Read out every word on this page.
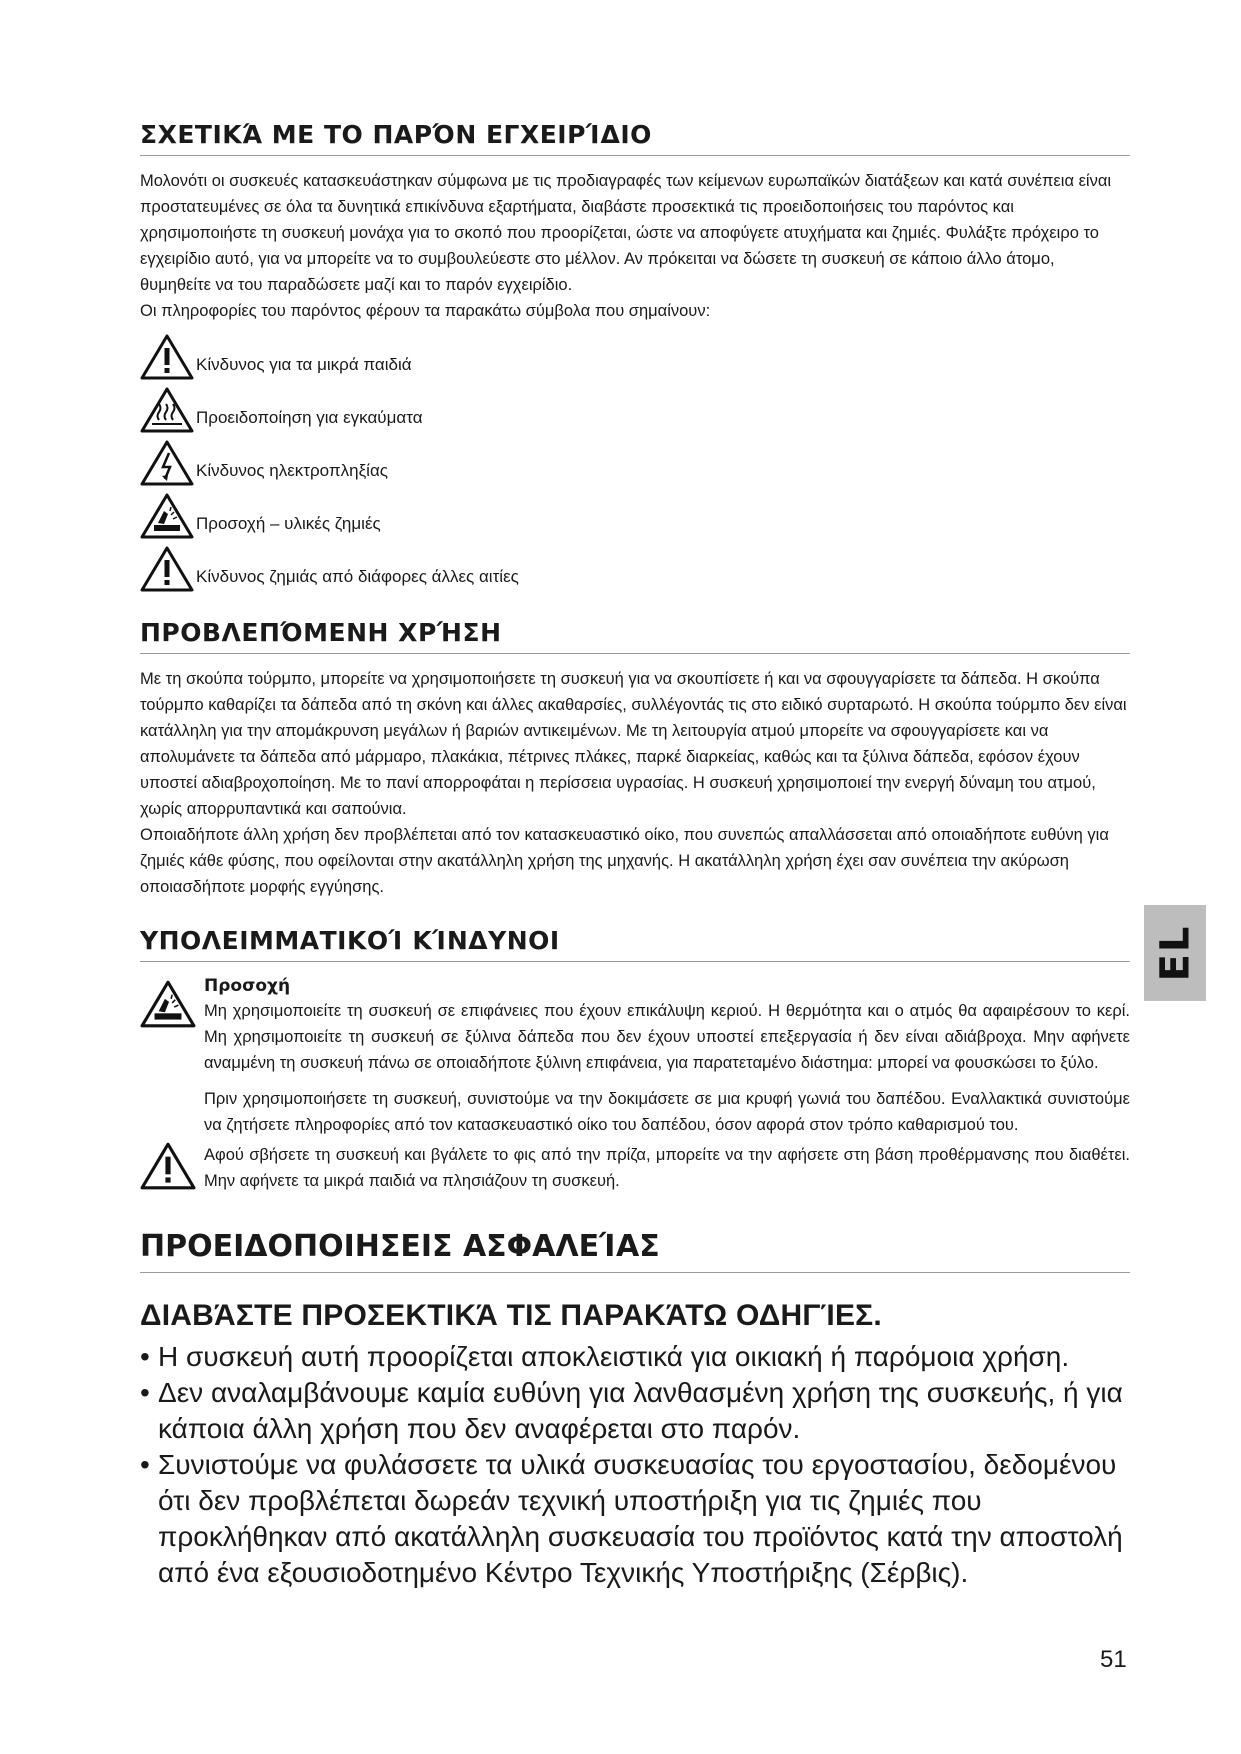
ΣΧΕΤΙΚΆ ΜΕ ΤΟ ΠΑΡΌΝ ΕΓΧΕΙΡΊΔΙΟ

Μολονότι οι συσκευές κατασκευάστηκαν σύμφωνα με τις προδιαγραφές των κείμενων ευρωπαϊκών διατάξεων και κατά συνέπεια είναι προστατευμένες σε όλα τα δυνητικά επικίνδυνα εξαρτήματα, διαβάστε προσεκτικά τις προειδοποιήσεις του παρόντος και χρησιμοποιήστε τη συσκευή μονάχα για το σκοπό που προορίζεται, ώστε να αποφύγετε ατυχήματα και ζημιές. Φυλάξτε πρόχειρο το εγχειρίδιο αυτό, για να μπορείτε να το συμβουλεύεστε στο μέλλον. Αν πρόκειται να δώσετε τη συσκευή σε κάποιο άλλο άτομο, θυμηθείτε να του παραδώσετε μαζί και το παρόν εγχειρίδιο.

Οι πληροφορίες του παρόντος φέρουν τα παρακάτω σύμβολα που σημαίνουν:

Κίνδυνος για τα μικρά παιδιά
Προειδοποίηση για εγκαύματα
Κίνδυνος ηλεκτροπληξίας
Προσοχή – υλικές ζημιές
Κίνδυνος ζημιάς από διάφορες άλλες αιτίες
ΠΡΟΒΛΕΠΌΜΕΝΗ ΧΡΉΣΗ

Με τη σκούπα τούρμπο, μπορείτε να χρησιμοποιήσετε τη συσκευή για να σκουπίσετε ή και να σφουγγαρίσετε τα δάπεδα. Η σκούπα τούρμπο καθαρίζει τα δάπεδα από τη σκόνη και άλλες ακαθαρσίες, συλλέγοντάς τις στο ειδικό συρταρωτό. Η σκούπα τούρμπο δεν είναι κατάλληλη για την απομάκρυνση μεγάλων ή βαριών αντικειμένων. Με τη λειτουργία ατμού μπορείτε να σφουγγαρίσετε και να απολυμάνετε τα δάπεδα από μάρμαρο, πλακάκια, πέτρινες πλάκες, παρκέ διαρκείας, καθώς και τα ξύλινα δάπεδα, εφόσον έχουν υποστεί αδιαβροχοποίηση. Με το πανί απορροφάται η περίσσεια υγρασίας. Η συσκευή χρησιμοποιεί την ενεργή δύναμη του ατμού, χωρίς απορρυπαντικά και σαπούνια.

Οποιαδήποτε άλλη χρήση δεν προβλέπεται από τον κατασκευαστικό οίκο, που συνεπώς απαλλάσσεται από οποιαδήποτε ευθύνη για ζημιές κάθε φύσης, που οφείλονται στην ακατάλληλη χρήση της μηχανής. Η ακατάλληλη χρήση έχει σαν συνέπεια την ακύρωση οποιασδήποτε μορφής εγγύησης.

ΥΠΟΛΕΙΜΜΑΤΙΚΟΊ ΚΊΝΔΥΝΟΙ
Προσοχή

Μη χρησιμοποιείτε τη συσκευή σε επιφάνειες που έχουν επικάλυψη κεριού. Η θερμότητα και ο ατμός θα αφαιρέσουν το κερί. Μη χρησιμοποιείτε τη συσκευή σε ξύλινα δάπεδα που δεν έχουν υποστεί επεξεργασία ή δεν είναι αδιάβροχα. Μην αφήνετε αναμμένη τη συσκευή πάνω σε οποιαδήποτε ξύλινη επιφάνεια, για παρατεταμένο διάστημα: μπορεί να φουσκώσει το ξύλο.

Πριν χρησιμοποιήσετε τη συσκευή, συνιστούμε να την δοκιμάσετε σε μια κρυφή γωνιά του δαπέδου. Εναλλακτικά συνιστούμε να ζητήσετε πληροφορίες από τον κατασκευαστικό οίκο του δαπέδου, όσον αφορά στον τρόπο καθαρισμού του.

Αφού σβήσετε τη συσκευή και βγάλετε το φις από την πρίζα, μπορείτε να την αφήσετε στη βάση προθέρμανσης που διαθέτει. Μην αφήνετε τα μικρά παιδιά να πλησιάζουν τη συσκευή.

ΠΡΟΕΙΔΟΠΟΙΗΣΕΙΣ ΑΣΦΑΛΕΊΑΣ
ΔΙΑΒΆΣΤΕ ΠΡΟΣΕΚΤΙΚΆ ΤΙΣ ΠΑΡΑΚΆΤΩ ΟΔΗΓΊΕΣ.
• Η συσκευή αυτή προορίζεται αποκλειστικά για οικιακή ή παρόμοια χρήση.
• Δεν αναλαμβάνουμε καμία ευθύνη για λανθασμένη χρήση της συσκευής, ή για κάποια άλλη χρήση που δεν αναφέρεται στο παρόν.
• Συνιστούμε να φυλάσσετε τα υλικά συσκευασίας του εργοστασίου, δεδομένου ότι δεν προβλέπεται δωρεάν τεχνική υποστήριξη για τις ζημιές που προκλήθηκαν από ακατάλληλη συσκευασία του προϊόντος κατά την αποστολή από ένα εξουσιοδοτημένο Κέντρο Τεχνικής Υποστήριξης (Σέρβις).
EL
51
